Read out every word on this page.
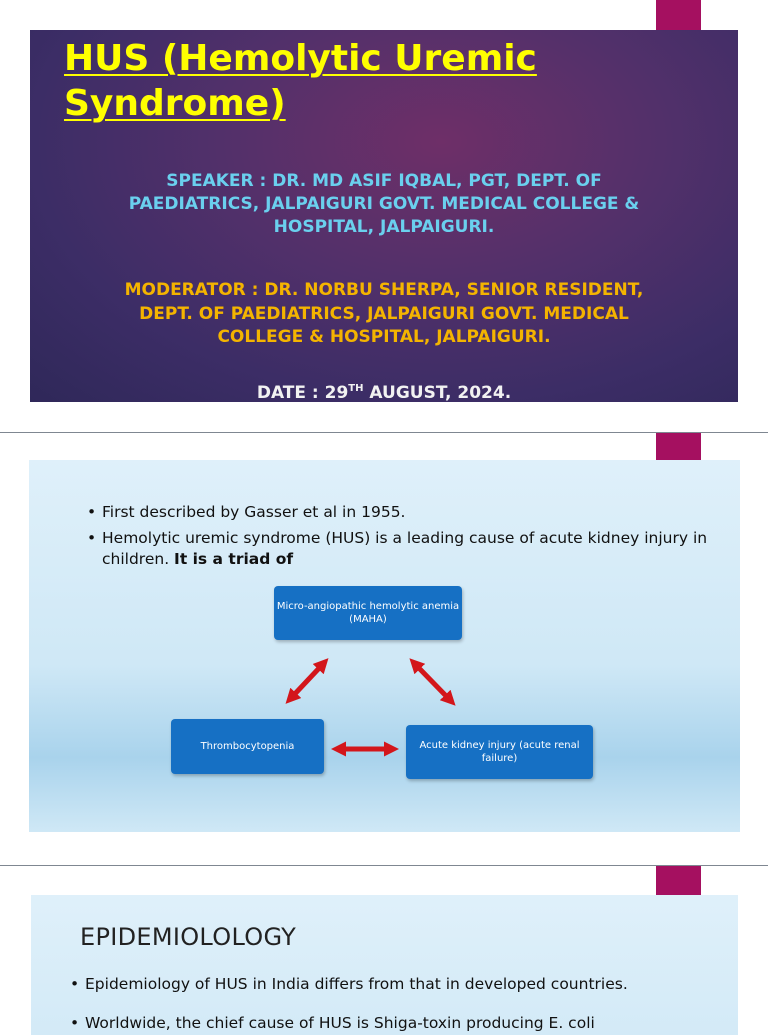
HUS (Hemolytic Uremic Syndrome)
SPEAKER : DR. MD ASIF IQBAL, PGT, DEPT. OF PAEDIATRICS, JALPAIGURI GOVT. MEDICAL COLLEGE & HOSPITAL, JALPAIGURI.
MODERATOR : DR. NORBU SHERPA, SENIOR RESIDENT, DEPT. OF PAEDIATRICS, JALPAIGURI GOVT. MEDICAL COLLEGE & HOSPITAL, JALPAIGURI.
DATE : 29TH AUGUST, 2024.
• First described by Gasser et al in 1955.
• Hemolytic uremic syndrome (HUS) is a leading cause of acute kidney injury in children. It is a triad of
Micro-angiopathic hemolytic anemia (MAHA)
Thrombocytopenia	Acute kidney injury (acute renal failure)
EPIDEMIOLOLOGY
• Epidemiology of HUS in India differs from that in developed countries.
• Worldwide, the chief cause of HUS is Shiga-toxin producing E. coli
